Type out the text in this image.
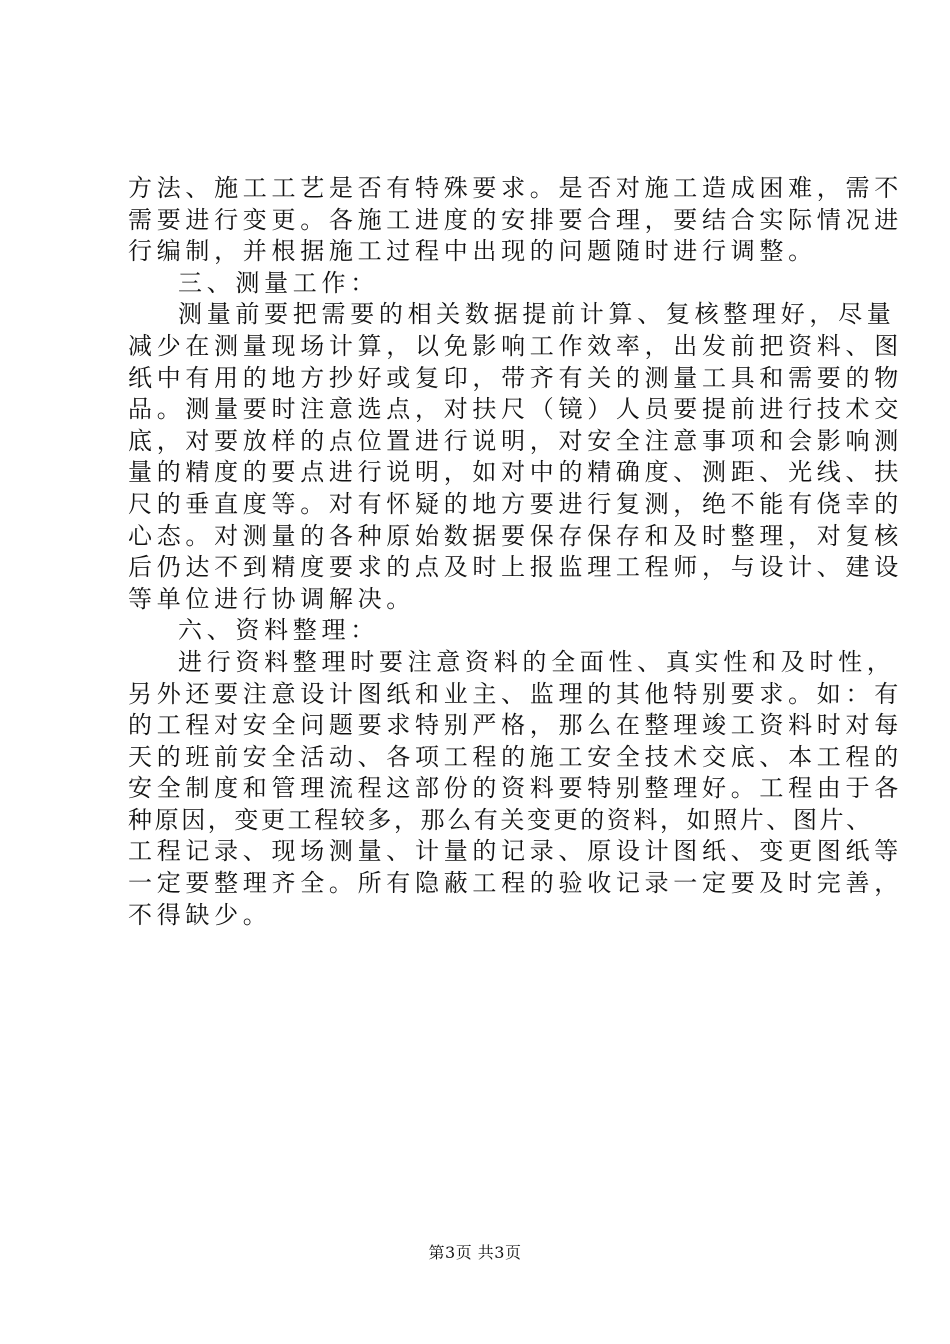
方法、施工工艺是否有特殊要求。是否对施工造成困难，需不
需要进行变更。各施工进度的安排要合理，要结合实际情况进
行编制，并根据施工过程中出现的问题随时进行调整。
三、测量工作：
测量前要把需要的相关数据提前计算、复核整理好，尽量
减少在测量现场计算，以免影响工作效率，出发前把资料、图
纸中有用的地方抄好或复印，带齐有关的测量工具和需要的物
品。测量要时注意选点，对扶尺（镜）人员要提前进行技术交
底，对要放样的点位置进行说明，对安全注意事项和会影响测
量的精度的要点进行说明，如对中的精确度、测距、光线、扶
尺的垂直度等。对有怀疑的地方要进行复测，绝不能有侥幸的
心态。对测量的各种原始数据要保存保存和及时整理，对复核
后仍达不到精度要求的点及时上报监理工程师，与设计、建设
等单位进行协调解决。
六、资料整理：
进行资料整理时要注意资料的全面性、真实性和及时性，
另外还要注意设计图纸和业主、监理的其他特别要求。如：有
的工程对安全问题要求特别严格，那么在整理竣工资料时对每
天的班前安全活动、各项工程的施工安全技术交底、本工程的
安全制度和管理流程这部份的资料要特别整理好。工程由于各
种原因，变更工程较多，那么有关变更的资料，如照片、图片、
工程记录、现场测量、计量的记录、原设计图纸、变更图纸等
一定要整理齐全。所有隐蔽工程的验收记录一定要及时完善，
不得缺少。
第3页 共3页
